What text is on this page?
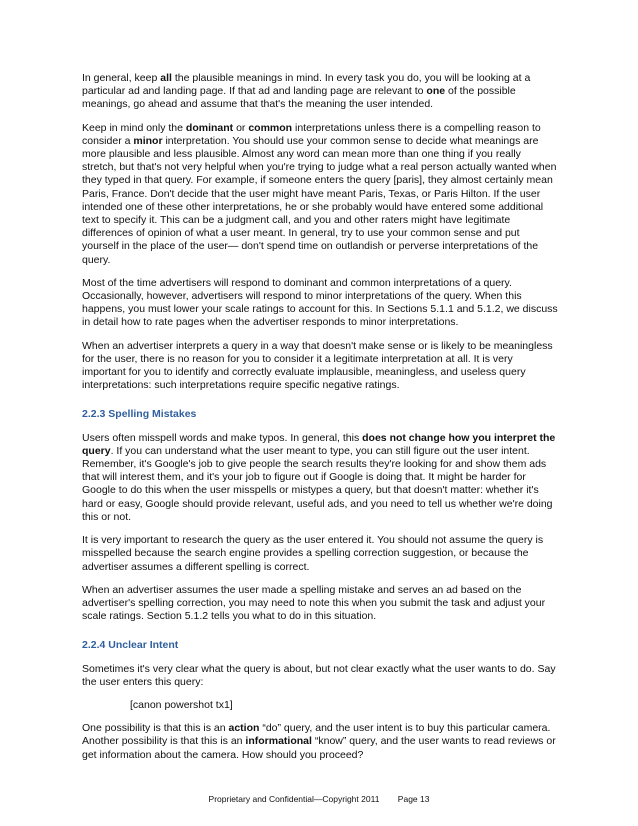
In general, keep all the plausible meanings in mind. In every task you do, you will be looking at a particular ad and landing page. If that ad and landing page are relevant to one of the possible meanings, go ahead and assume that that's the meaning the user intended.

Keep in mind only the dominant or common interpretations unless there is a compelling reason to consider a minor interpretation. You should use your common sense to decide what meanings are more plausible and less plausible. Almost any word can mean more than one thing if you really stretch, but that's not very helpful when you're trying to judge what a real person actually wanted when they typed in that query. For example, if someone enters the query [paris], they almost certainly mean Paris, France. Don't decide that the user might have meant Paris, Texas, or Paris Hilton. If the user intended one of these other interpretations, he or she probably would have entered some additional text to specify it. This can be a judgment call, and you and other raters might have legitimate differences of opinion of what a user meant. In general, try to use your common sense and put yourself in the place of the user— don't spend time on outlandish or perverse interpretations of the query.

Most of the time advertisers will respond to dominant and common interpretations of a query. Occasionally, however, advertisers will respond to minor interpretations of the query. When this happens, you must lower your scale ratings to account for this. In Sections 5.1.1 and 5.1.2, we discuss in detail how to rate pages when the advertiser responds to minor interpretations.

When an advertiser interprets a query in a way that doesn't make sense or is likely to be meaningless for the user, there is no reason for you to consider it a legitimate interpretation at all. It is very important for you to identify and correctly evaluate implausible, meaningless, and useless query interpretations: such interpretations require specific negative ratings.

2.2.3 Spelling Mistakes

Users often misspell words and make typos. In general, this does not change how you interpret the query. If you can understand what the user meant to type, you can still figure out the user intent. Remember, it's Google's job to give people the search results they're looking for and show them ads that will interest them, and it's your job to figure out if Google is doing that. It might be harder for Google to do this when the user misspells or mistypes a query, but that doesn't matter: whether it's hard or easy, Google should provide relevant, useful ads, and you need to tell us whether we're doing this or not.

It is very important to research the query as the user entered it. You should not assume the query is misspelled because the search engine provides a spelling correction suggestion, or because the advertiser assumes a different spelling is correct.

When an advertiser assumes the user made a spelling mistake and serves an ad based on the advertiser's spelling correction, you may need to note this when you submit the task and adjust your scale ratings. Section 5.1.2 tells you what to do in this situation.

2.2.4 Unclear Intent

Sometimes it's very clear what the query is about, but not clear exactly what the user wants to do. Say the user enters this query:

[canon powershot tx1]

One possibility is that this is an action “do” query, and the user intent is to buy this particular camera. Another possibility is that this is an informational “know” query, and the user wants to read reviews or get information about the camera. How should you proceed?

Proprietary and Confidential—Copyright 2011 Page 13
